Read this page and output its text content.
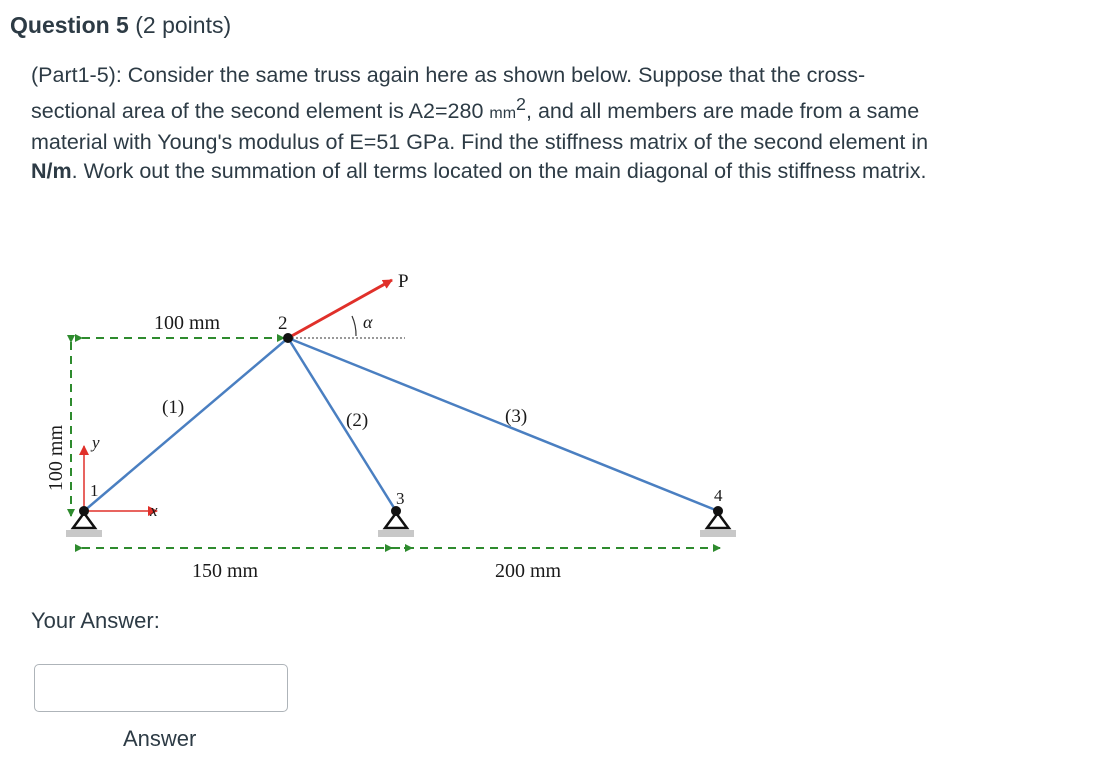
Question 5 (2 points)

(Part1-5): Consider the same truss again here as shown below. Suppose that the cross-sectional area of the second element is A2=280 $mm^2$, and all members are made from a same material with Young's modulus of E=51 GPa. Find the stiffness matrix of the second element in N/m. Work out the summation of all terms located on the main diagonal of this stiffness matrix.

P
α
100 mm
100 mm
150 mm	200 mm
1
2
3	4
(1)
(2)	(3)
x
y
Your Answer:
Answer
